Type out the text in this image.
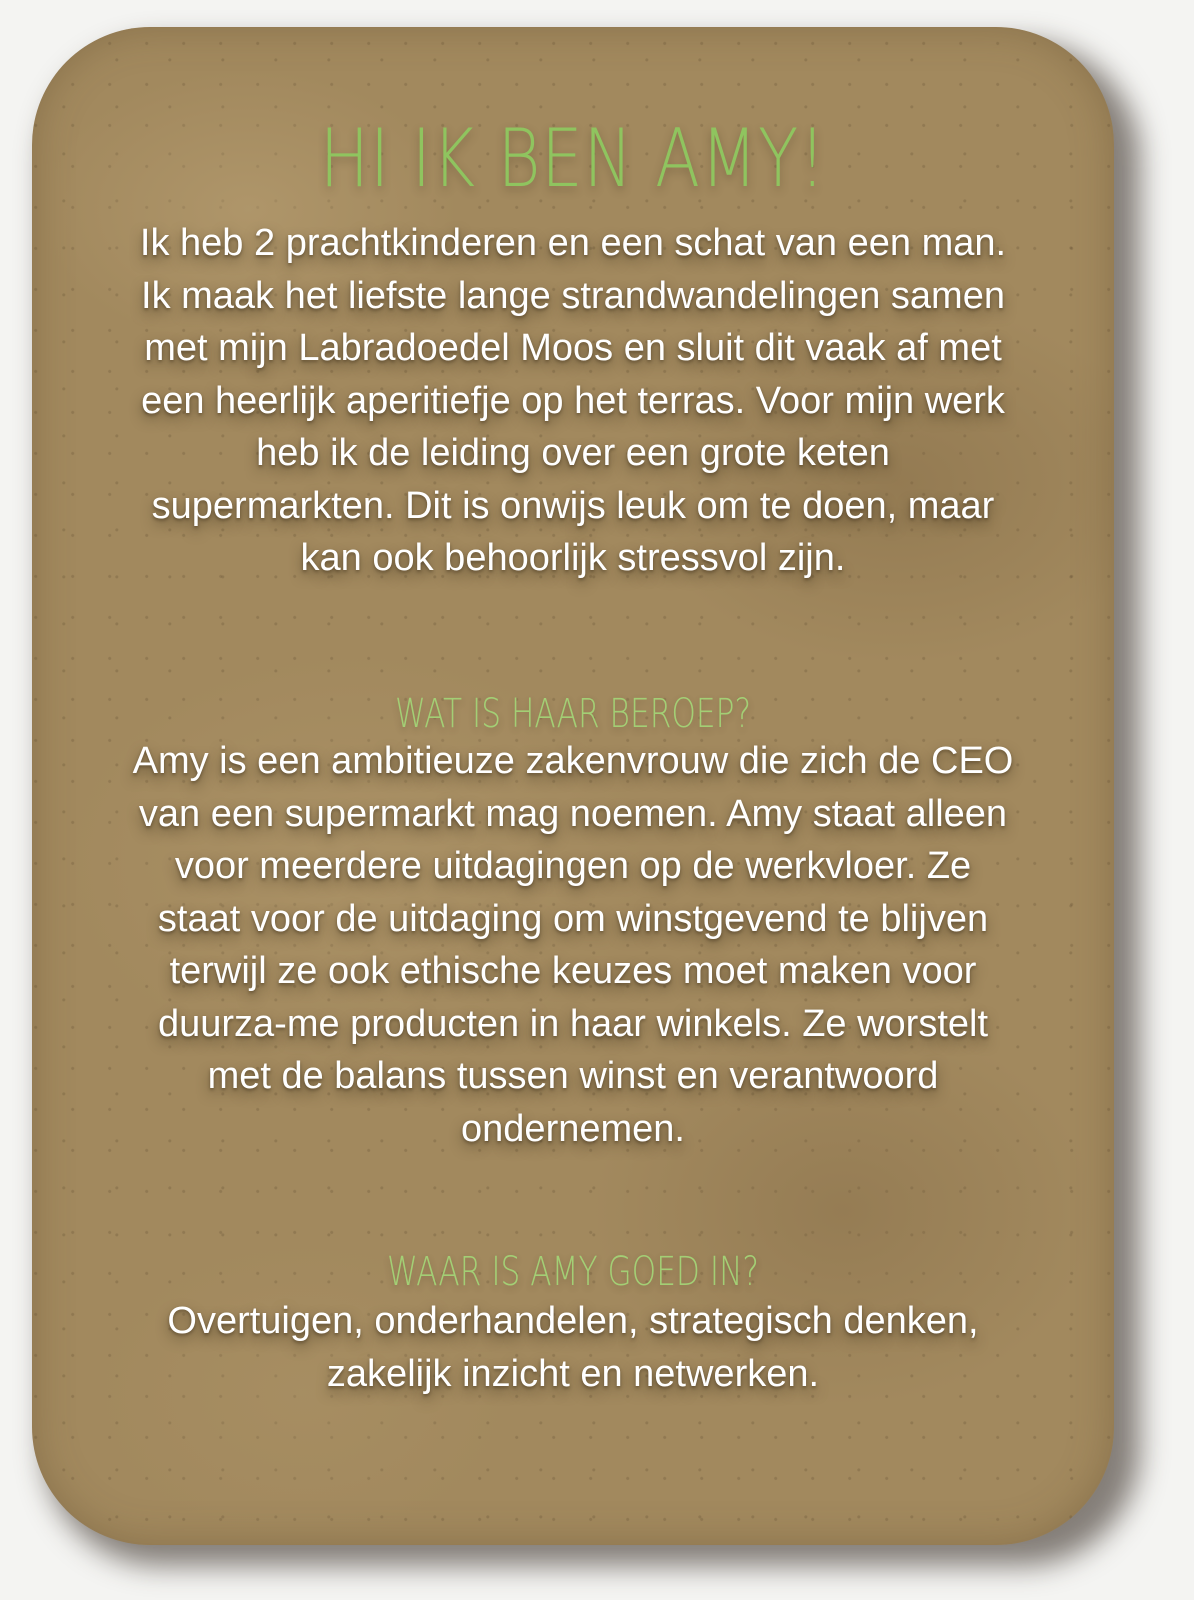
HI IK BEN AMY!
Ik heb 2 prachtkinderen en een schat van een man. Ik maak het liefste lange strandwandelingen samen met mijn Labradoedel Moos en sluit dit vaak af met een heerlijk aperitiefje op het terras. Voor mijn werk heb ik de leiding over een grote keten supermarkten. Dit is onwijs leuk om te doen, maar kan ook behoorlijk stressvol zijn.
WAT IS HAAR BEROEP?
Amy is een ambitieuze zakenvrouw die zich de CEO van een supermarkt mag noemen. Amy staat alleen voor meerdere uitdagingen op de werkvloer. Ze staat voor de uitdaging om winstgevend te blijven terwijl ze ook ethische keuzes moet maken voor duurza-me producten in haar winkels. Ze worstelt met de balans tussen winst en verantwoord ondernemen.
WAAR IS AMY GOED IN?
Overtuigen, onderhandelen, strategisch denken, zakelijk inzicht en netwerken.
